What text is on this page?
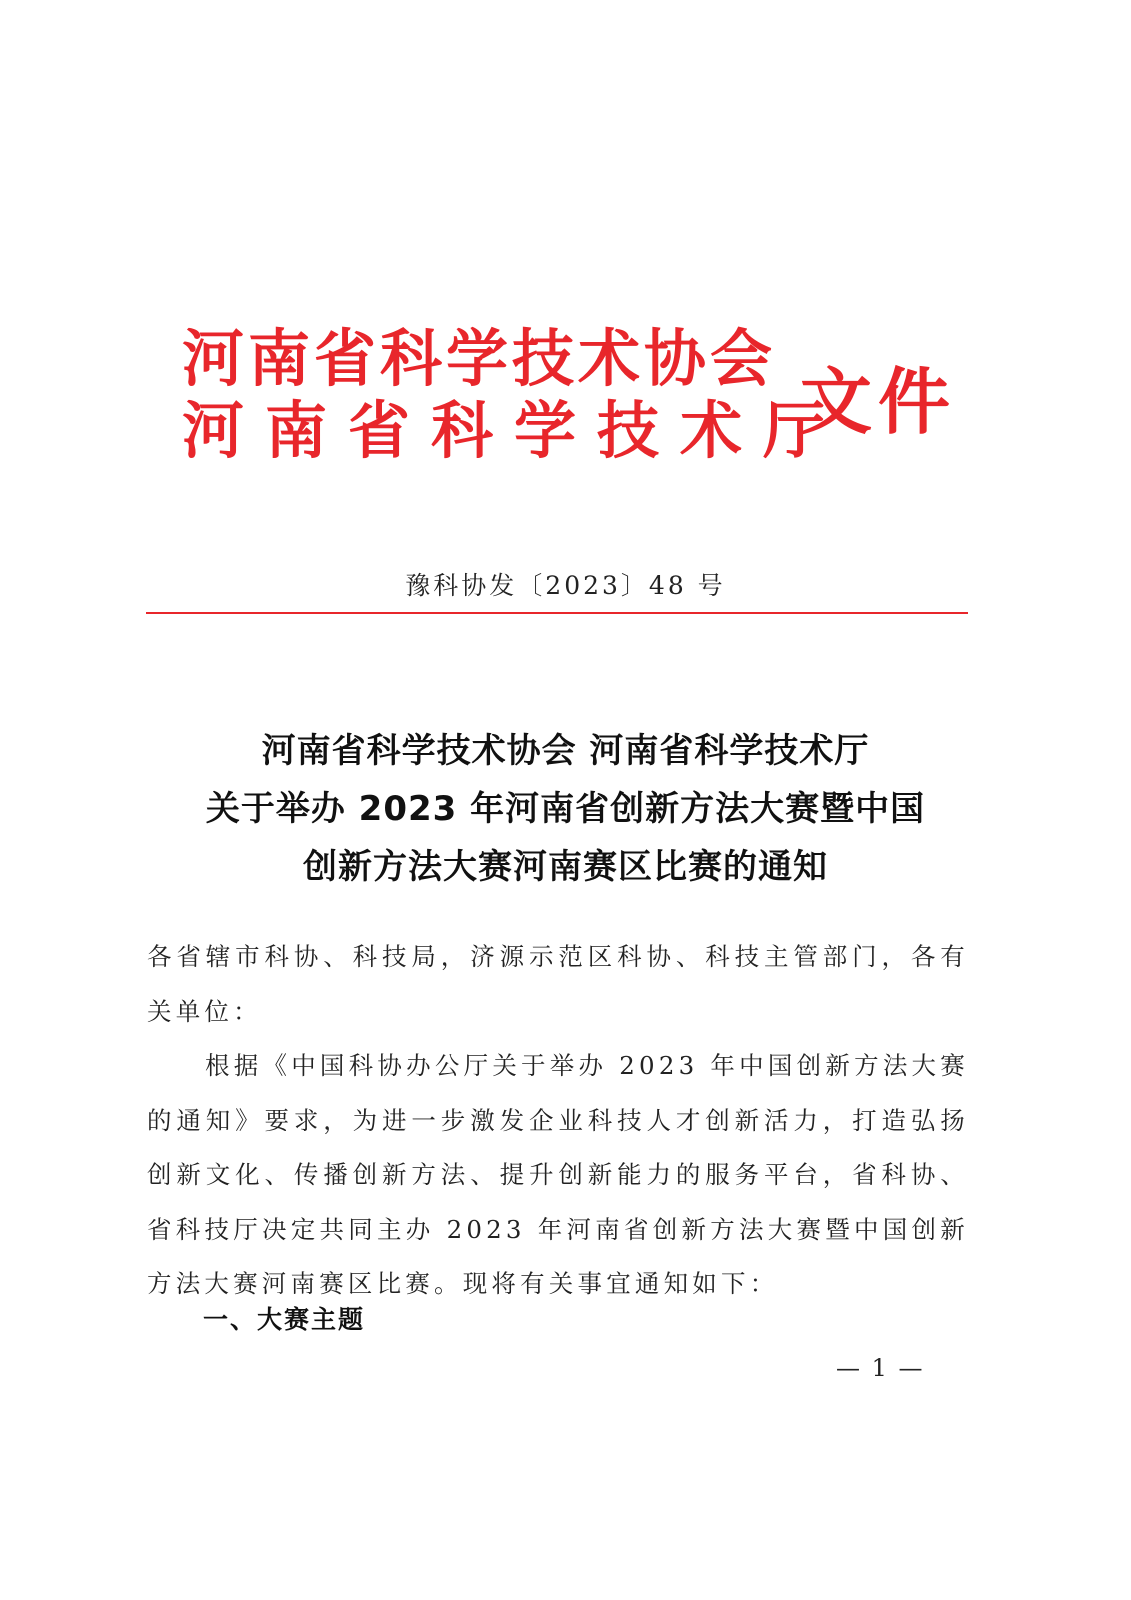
河南省科学技术协会
河南省科学技术厅
文件
豫科协发〔2023〕48 号
河南省科学技术协会 河南省科学技术厅
关于举办 2023 年河南省创新方法大赛暨中国
创新方法大赛河南赛区比赛的通知

各省辖市科协、科技局，济源示范区科协、科技主管部门，各有关单位：

根据《中国科协办公厅关于举办 2023 年中国创新方法大赛的通知》要求，为进一步激发企业科技人才创新活力，打造弘扬创新文化、传播创新方法、提升创新能力的服务平台，省科协、省科技厅决定共同主办 2023 年河南省创新方法大赛暨中国创新方法大赛河南赛区比赛。现将有关事宜通知如下：

一、大赛主题
— 1 —
